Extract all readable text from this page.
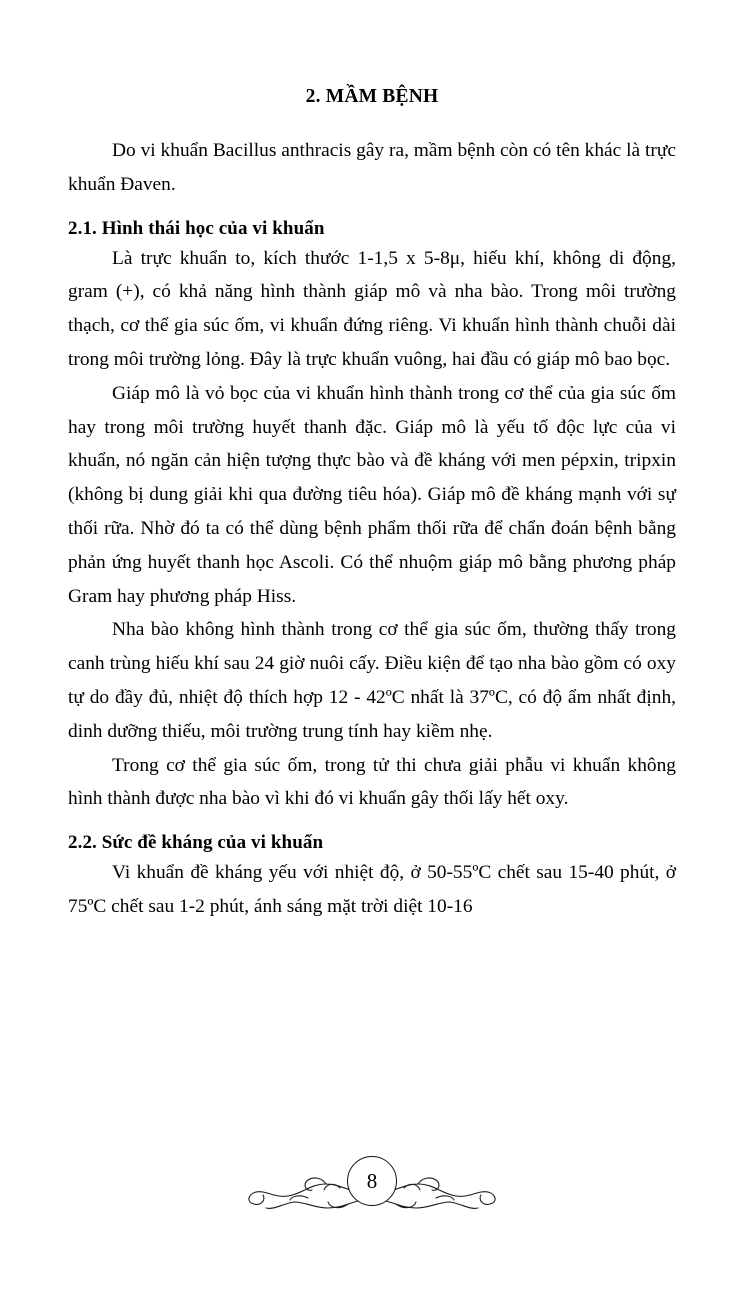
2. MẦM BỆNH

Do vi khuẩn Bacillus anthracis gây ra, mầm bệnh còn có tên khác là trực khuẩn Đaven.

2.1. Hình thái học của vi khuẩn

Là trực khuẩn to, kích thước 1-1,5 x 5-8μ, hiếu khí, không di động, gram (+), có khả năng hình thành giáp mô và nha bào. Trong môi trường thạch, cơ thể gia súc ốm, vi khuẩn đứng riêng. Vi khuẩn hình thành chuỗi dài trong môi trường lỏng. Đây là trực khuẩn vuông, hai đầu có giáp mô bao bọc.

Giáp mô là vỏ bọc của vi khuẩn hình thành trong cơ thể của gia súc ốm hay trong môi trường huyết thanh đặc. Giáp mô là yếu tố độc lực của vi khuẩn, nó ngăn cản hiện tượng thực bào và đề kháng với men pépxin, tripxin (không bị dung giải khi qua đường tiêu hóa). Giáp mô đề kháng mạnh với sự thối rữa. Nhờ đó ta có thể dùng bệnh phẩm thối rữa để chẩn đoán bệnh bằng phản ứng huyết thanh học Ascoli. Có thể nhuộm giáp mô bằng phương pháp Gram hay phương pháp Hiss.

Nha bào không hình thành trong cơ thể gia súc ốm, thường thấy trong canh trùng hiếu khí sau 24 giờ nuôi cấy. Điều kiện để tạo nha bào gồm có oxy tự do đầy đủ, nhiệt độ thích hợp 12 - 42ºC nhất là 37ºC, có độ ẩm nhất định, dinh dưỡng thiếu, môi trường trung tính hay kiềm nhẹ.

Trong cơ thể gia súc ốm, trong tử thi chưa giải phẫu vi khuẩn không hình thành được nha bào vì khi đó vi khuẩn gây thối lấy hết oxy.

2.2. Sức đề kháng của vi khuẩn

Vi khuẩn đề kháng yếu với nhiệt độ, ở 50-55ºC chết sau 15-40 phút, ở 75ºC chết sau 1-2 phút, ánh sáng mặt trời diệt 10-16

8
